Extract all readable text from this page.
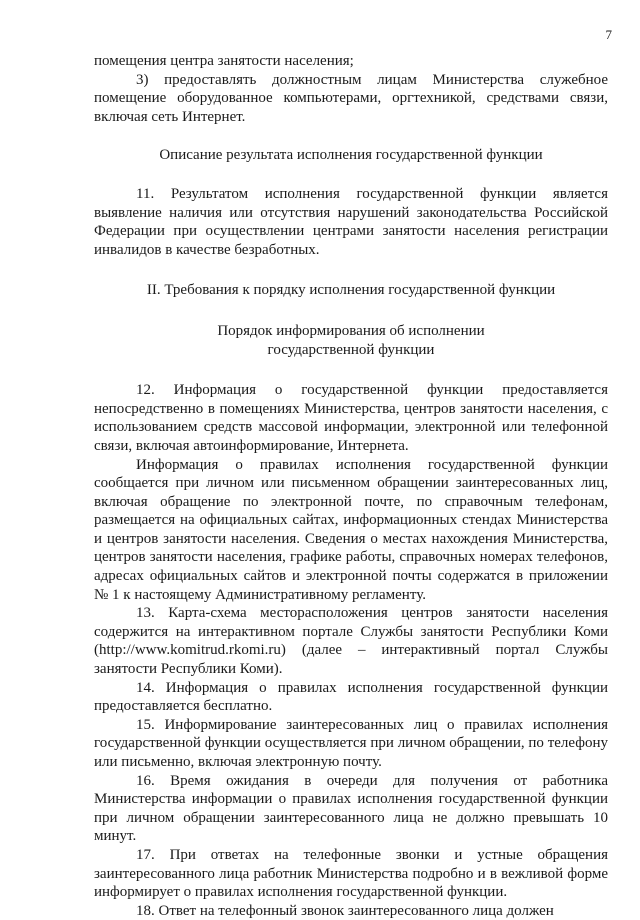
7

помещения центра занятости населения;

3) предоставлять должностным лицам Министерства служебное помещение оборудованное компьютерами, оргтехникой, средствами связи, включая сеть Интернет.

Описание результата исполнения государственной функции

11. Результатом исполнения государственной функции является выявление наличия или отсутствия нарушений законодательства Российской Федерации при осуществлении центрами занятости населения регистрации инвалидов в качестве безработных.

II. Требования к порядку исполнения государственной функции

Порядок информирования об исполнении

государственной функции

12. Информация о государственной функции предоставляется непосредственно в помещениях Министерства, центров занятости населения, с использованием средств массовой информации, электронной или телефонной связи, включая автоинформирование, Интернета.

Информация о правилах исполнения государственной функции сообщается при личном или письменном обращении заинтересованных лиц, включая обращение по электронной почте, по справочным телефонам, размещается на официальных сайтах, информационных стендах Министерства и центров занятости населения. Сведения о местах нахождения Министерства, центров занятости населения, графике работы, справочных номерах телефонов, адресах официальных сайтов и электронной почты содержатся в приложении № 1 к настоящему Административному регламенту.

13. Карта-схема месторасположения центров занятости населения содержится на интерактивном портале Службы занятости Республики Коми (http://www.komitrud.rkomi.ru) (далее – интерактивный портал Службы занятости Республики Коми).

14. Информация о правилах исполнения государственной функции предоставляется бесплатно.

15. Информирование заинтересованных лиц о правилах исполнения государственной функции осуществляется при личном обращении, по телефону или письменно, включая электронную почту.

16. Время ожидания в очереди для получения от работника Министерства информации о правилах исполнения государственной функции при личном обращении заинтересованного лица не должно превышать 10 минут.

17. При ответах на телефонные звонки и устные обращения заинтересованного лица работник Министерства подробно и в вежливой форме информирует о правилах исполнения государственной функции.

18. Ответ на телефонный звонок заинтересованного лица должен
